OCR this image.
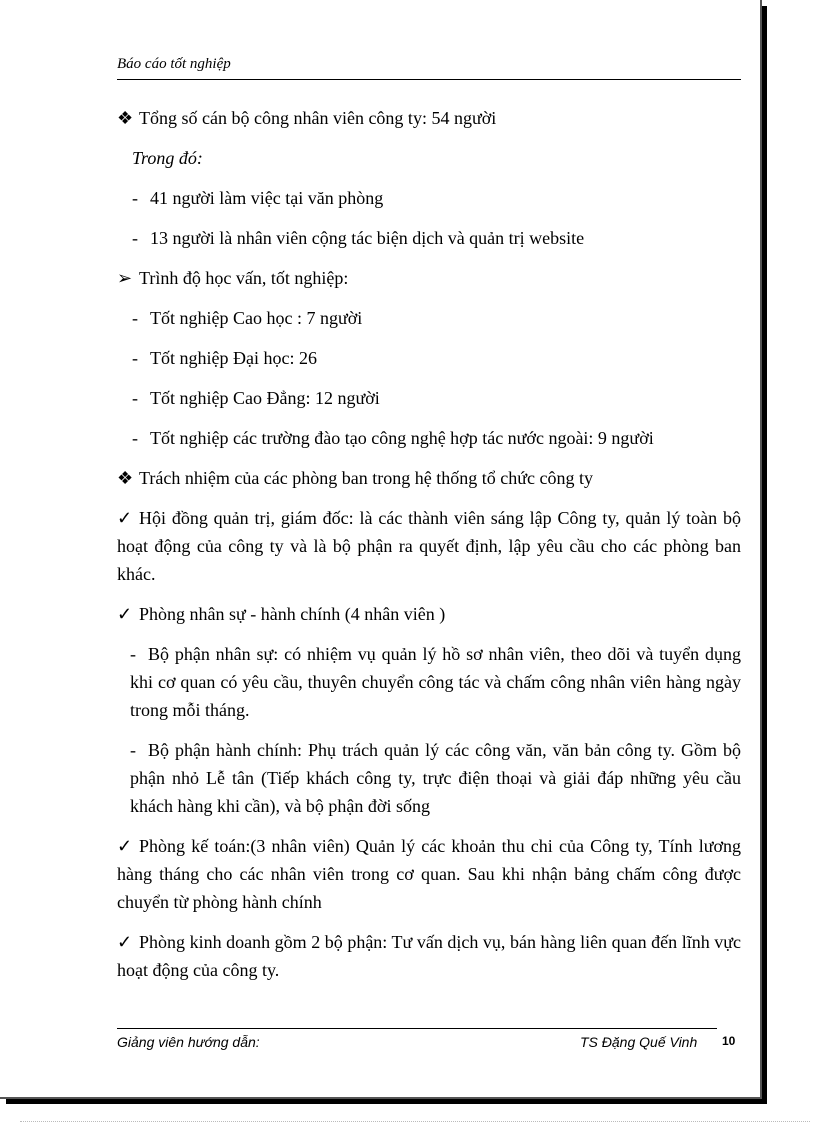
Báo cáo tốt nghiệp

❖ Tổng số cán bộ công nhân viên công ty: 54 người

Trong đó:

- 41 người làm việc tại văn phòng

- 13 người là nhân viên cộng tác biện dịch và quản trị website

➢ Trình độ học vấn, tốt nghiệp:

- Tốt nghiệp Cao học : 7 người

- Tốt nghiệp Đại học: 26

- Tốt nghiệp Cao Đẳng: 12 người

- Tốt nghiệp các trường đào tạo công nghệ hợp tác nước ngoài: 9 người

❖ Trách nhiệm của các phòng ban trong hệ thống tổ chức công ty

✓ Hội đồng quản trị, giám đốc: là các thành viên sáng lập Công ty, quản lý toàn bộ hoạt động của công ty và là bộ phận ra quyết định, lập yêu cầu cho các phòng ban khác.

✓ Phòng nhân sự - hành chính (4 nhân viên )

- Bộ phận nhân sự: có nhiệm vụ quản lý hồ sơ nhân viên, theo dõi và tuyển dụng khi cơ quan có yêu cầu, thuyên chuyển công tác và chấm công nhân viên hàng ngày trong mỗi tháng.

- Bộ phận hành chính: Phụ trách quản lý các công văn, văn bản công ty. Gồm bộ phận nhỏ Lễ tân (Tiếp khách công ty, trực điện thoại và giải đáp những yêu cầu khách hàng khi cần), và bộ phận đời sống

✓ Phòng kế toán:(3 nhân viên) Quản lý các khoản thu chi của Công ty, Tính lương hàng tháng cho các nhân viên trong cơ quan. Sau khi nhận bảng chấm công được chuyển từ phòng hành chính

✓ Phòng kinh doanh gồm 2 bộ phận: Tư vấn dịch vụ, bán hàng liên quan đến lĩnh vực hoạt động của công ty.

Giảng viên hướng dẫn:	TS Đặng Quế Vinh 10
